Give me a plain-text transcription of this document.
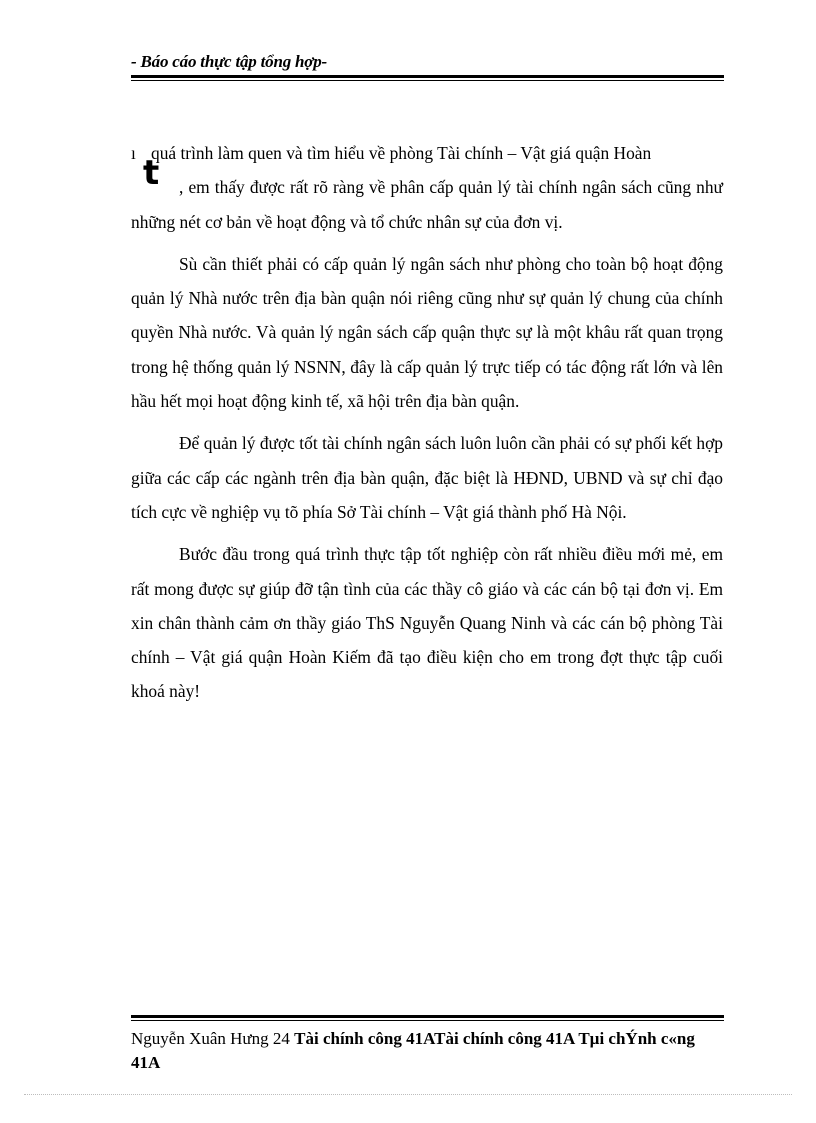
- Báo cáo thực tập tổng hợp-
t

ı quá trình làm quen và tìm hiểu về phòng Tài chính – Vật giá quận Hoàn
, em thấy được rất rõ ràng về phân cấp quản lý tài chính ngân sách cũng như những nét cơ bản về hoạt động và tổ chức nhân sự của đơn vị.

Sù cần thiết phải có cấp quản lý ngân sách như phòng cho toàn bộ hoạt động quản lý Nhà nước trên địa bàn quận nói riêng cũng như sự quản lý chung của chính quyền Nhà nước. Và quản lý ngân sách cấp quận thực sự là một khâu rất quan trọng trong hệ thống quản lý NSNN, đây là cấp quản lý trực tiếp có tác động rất lớn và lên hầu hết mọi hoạt động kinh tế, xã hội trên địa bàn quận.

Để quản lý được tốt tài chính ngân sách luôn luôn cần phải có sự phối kết hợp giữa các cấp các ngành trên địa bàn quận, đặc biệt là HĐND, UBND và sự chỉ đạo tích cực về nghiệp vụ tõ phía Sở Tài chính – Vật giá thành phố Hà Nội.

Bước đầu trong quá trình thực tập tốt nghiệp còn rất nhiều điều mới mẻ, em rất mong được sự giúp đỡ tận tình của các thầy cô giáo và các cán bộ tại đơn vị. Em xin chân thành cảm ơn thầy giáo ThS Nguyễn Quang Ninh và các cán bộ phòng Tài chính – Vật giá quận Hoàn Kiếm đã tạo điều kiện cho em trong đợt thực tập cuối khoá này!

Nguyễn Xuân Hưng 24 Tài chính công 41ATài chính công 41A Tµi chÝnh c«ng 41A
